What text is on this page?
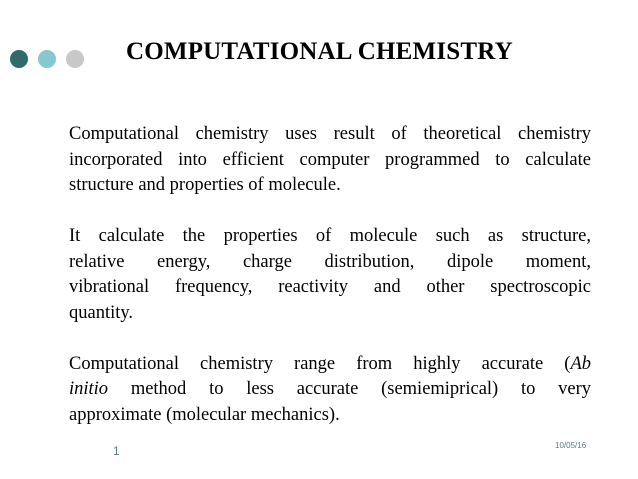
COMPUTATIONAL CHEMISTRY
Computational chemistry uses result of theoretical chemistry
incorporated into efficient computer programmed to calculate
structure and properties of molecule.
It calculate the properties of molecule such as structure,
relative energy, charge distribution, dipole moment,
vibrational frequency, reactivity and other spectroscopic
quantity.
Computational chemistry range from highly accurate (Ab
initio method to less accurate (semiemiprical) to very
approximate (molecular mechanics).
1	10/05/16
